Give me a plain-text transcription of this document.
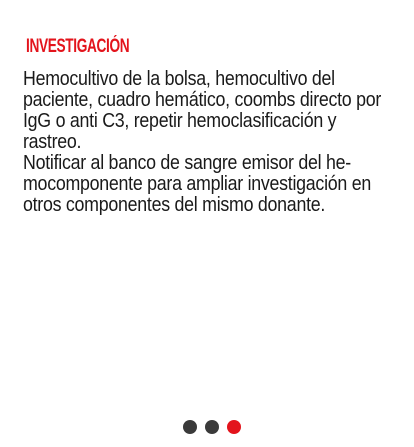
INVESTIGACIÓN

Hemocultivo de la bolsa, hemocultivo del paciente, cuadro hemático, coombs directo por IgG o anti C3, repetir hemoclasificación y rastreo.

Notificar al banco de sangre emisor del hemocomponente para ampliar investigación en otros componentes del mismo donante.
